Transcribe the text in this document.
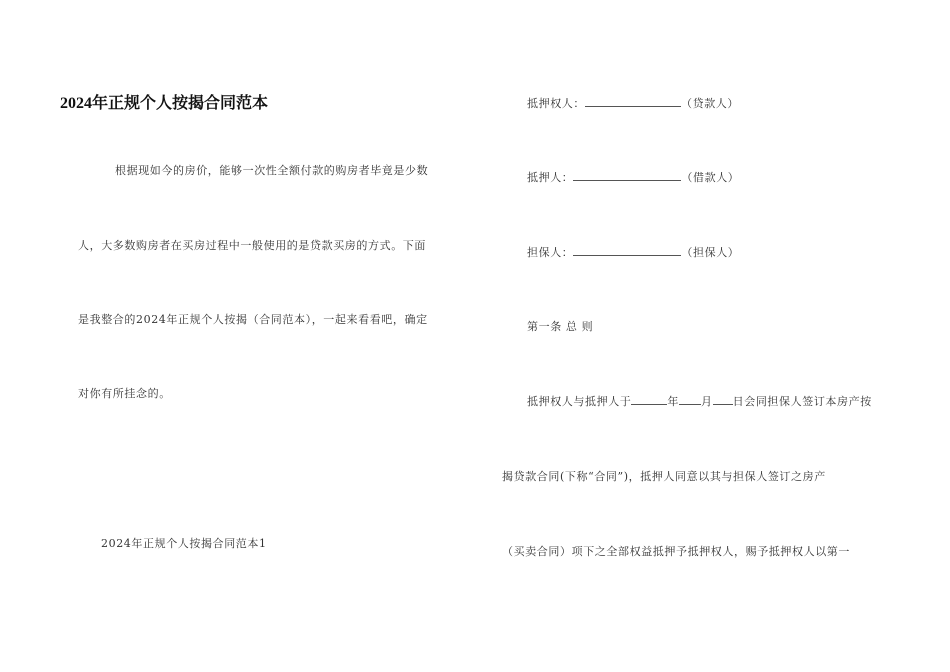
2024年正规个人按揭合同范本
根据现如今的房价，能够一次性全额付款的购房者毕竟是少数
人，大多数购房者在买房过程中一般使用的是贷款买房的方式。下面
是我整合的2024年正规个人按揭（合同范本），一起来看看吧，确定
对你有所挂念的。
2024年正规个人按揭合同范本1
抵押权人：	（贷款人）
抵押人：	（借款人）
担保人：	（担保人）
第一条 总 则
抵押权人与抵押人于	年 月 日会同担保人签订本房产按
揭贷款合同(下称“合同”)，抵押人同意以其与担保人签订之房产
（买卖合同）项下之全部权益抵押予抵押权人，赐予抵押权人以第一
